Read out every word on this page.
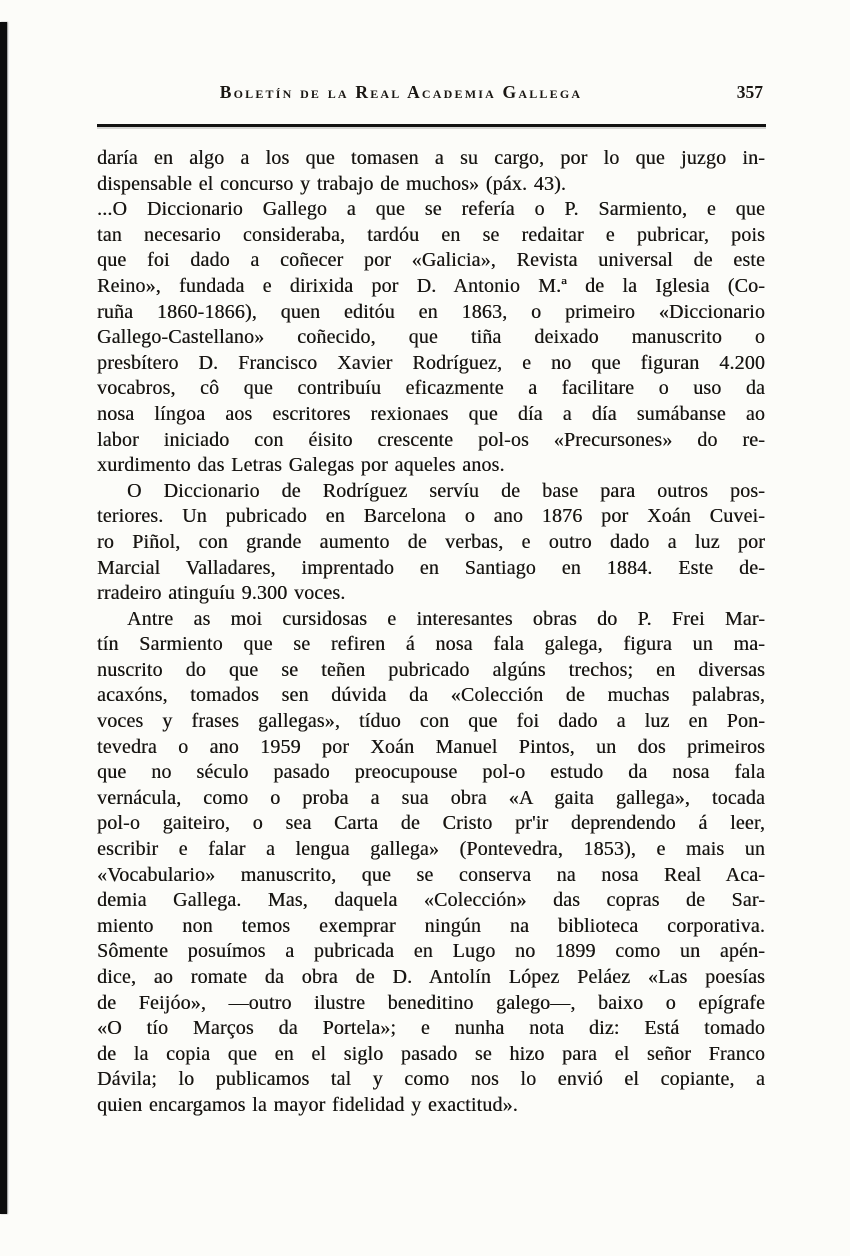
Boletín de la Real Academia Gallega	357
daría en algo a los que tomasen a su cargo, por lo que juzgo in-
dispensable el concurso y trabajo de muchos» (páx. 43).
...O Diccionario Gallego a que se refería o P. Sarmiento, e que
tan necesario consideraba, tardóu en se redaitar e pubricar, pois
que foi dado a coñecer por «Galicia», Revista universal de este
Reino», fundada e dirixida por D. Antonio M.ª de la Iglesia (Co-
ruña 1860-1866), quen editóu en 1863, o primeiro «Diccionario
Gallego-Castellano» coñecido, que tiña deixado manuscrito o
presbítero D. Francisco Xavier Rodríguez, e no que figuran 4.200
vocabros, cô que contribuíu eficazmente a facilitare o uso da
nosa língoa aos escritores rexionaes que día a día sumábanse ao
labor iniciado con éisito crescente pol-os «Precursones» do re-
xurdimento das Letras Galegas por aqueles anos.
O Diccionario de Rodríguez servíu de base para outros pos-
teriores. Un pubricado en Barcelona o ano 1876 por Xoán Cuvei-
ro Piñol, con grande aumento de verbas, e outro dado a luz por
Marcial Valladares, imprentado en Santiago en 1884. Este de-
rradeiro atinguíu 9.300 voces.
Antre as moi cursidosas e interesantes obras do P. Frei Mar-
tín Sarmiento que se refiren á nosa fala galega, figura un ma-
nuscrito do que se teñen pubricado algúns trechos; en diversas
acaxóns, tomados sen dúvida da «Colección de muchas palabras,
voces y frases gallegas», tíduo con que foi dado a luz en Pon-
tevedra o ano 1959 por Xoán Manuel Pintos, un dos primeiros
que no século pasado preocupouse pol-o estudo da nosa fala
vernácula, como o proba a sua obra «A gaita gallega», tocada
pol-o gaiteiro, o sea Carta de Cristo pr'ir deprendendo á leer,
escribir e falar a lengua gallega» (Pontevedra, 1853), e mais un
«Vocabulario» manuscrito, que se conserva na nosa Real Aca-
demia Gallega. Mas, daquela «Colección» das copras de Sar-
miento non temos exemprar ningún na biblioteca corporativa.
Sômente posuímos a pubricada en Lugo no 1899 como un apén-
dice, ao romate da obra de D. Antolín López Peláez «Las poesías
de Feijóo», —outro ilustre beneditino galego—, baixo o epígrafe
«O tío Marços da Portela»; e nunha nota diz: Está tomado
de la copia que en el siglo pasado se hizo para el señor Franco
Dávila; lo publicamos tal y como nos lo envió el copiante, a
quien encargamos la mayor fidelidad y exactitud».
